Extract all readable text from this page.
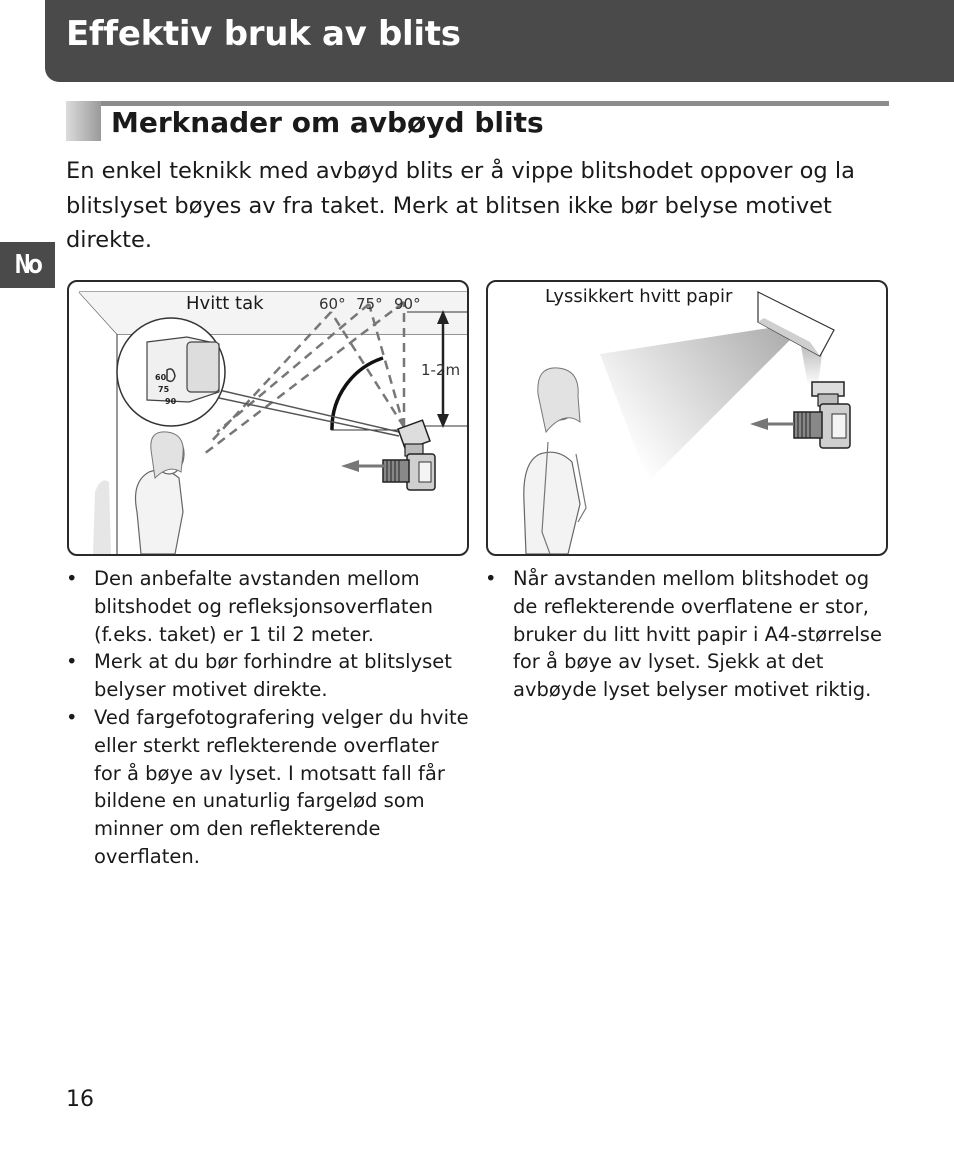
Effektiv bruk av blits
No
Merknader om avbøyd blits

En enkel teknikk med avbøyd blits er å vippe blitshodet oppover og la blitslyset bøyes av fra taket. Merk at blitsen ikke bør belyse motivet direkte.

60
75
90
Hvitt tak	60° 75° 90°
1-2m
Lyssikkert hvitt papir
• Den anbefalte avstanden mellom blitshodet og refleksjonsoverflaten (f.eks. taket) er 1 til 2 meter.
• Merk at du bør forhindre at blitslyset belyser motivet direkte.
• Ved fargefotografering velger du hvite eller sterkt reflekterende overflater for å bøye av lyset. I motsatt fall får bildene en unaturlig fargelød som minner om den reflekterende overflaten.
• Når avstanden mellom blitshodet og de reflekterende overflatene er stor, bruker du litt hvitt papir i A4-størrelse for å bøye av lyset. Sjekk at det avbøyde lyset belyser motivet riktig.
16
